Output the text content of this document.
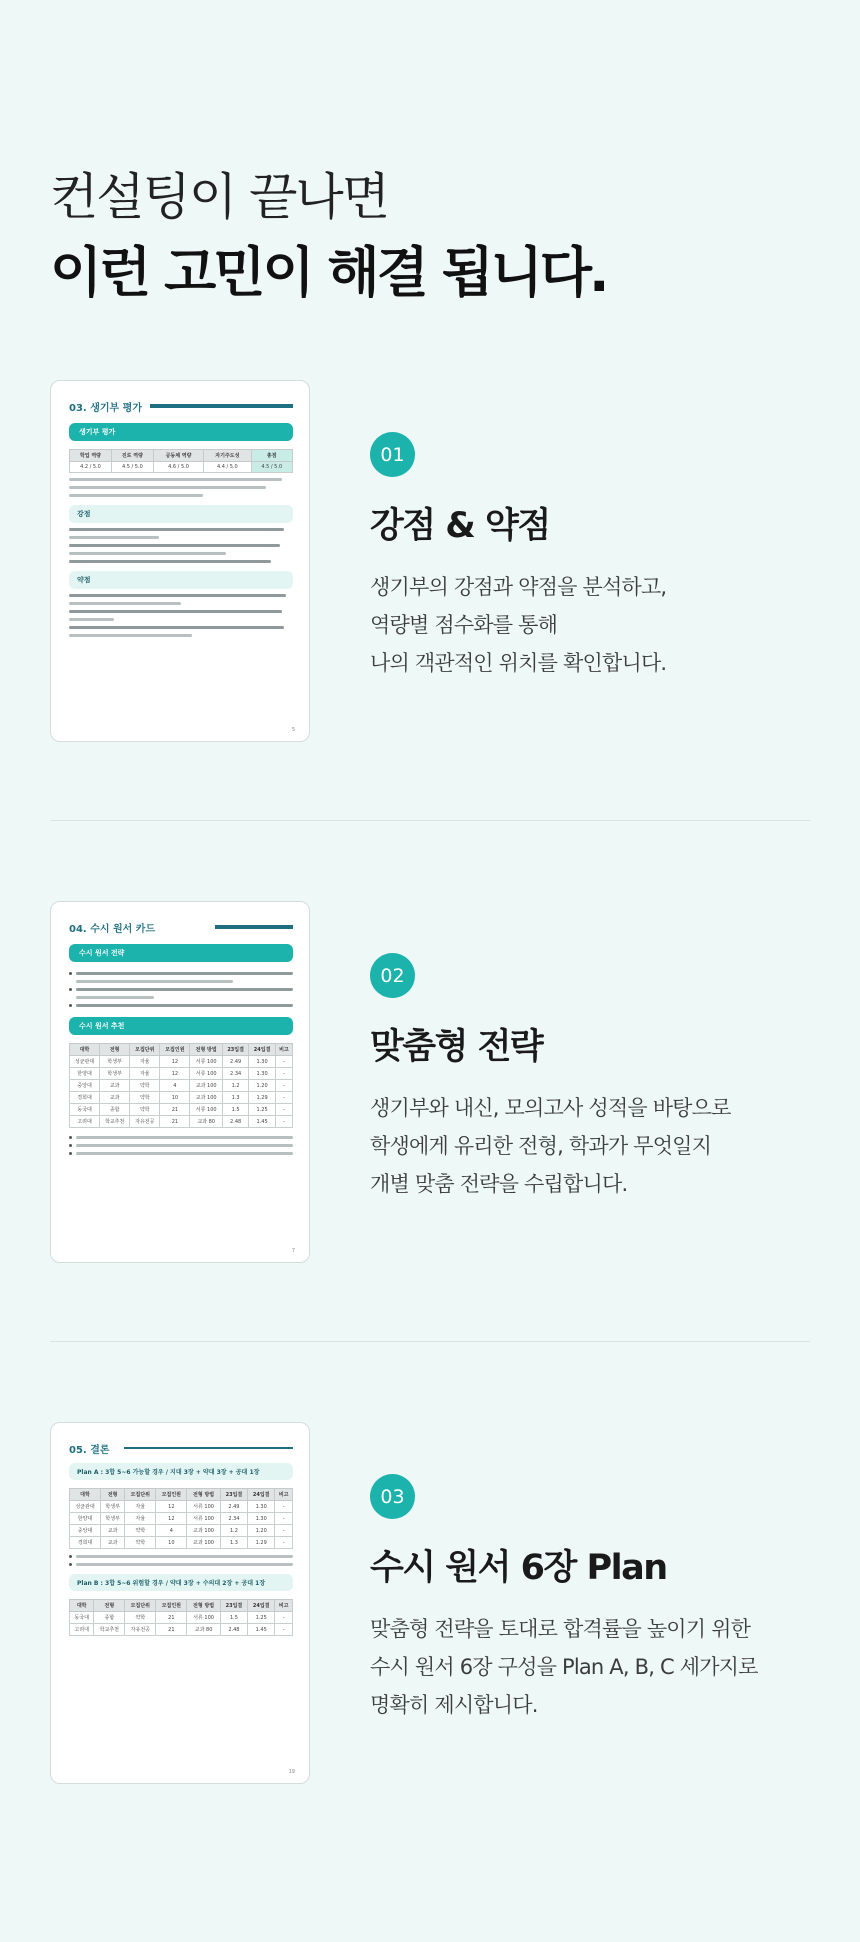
컨설팅이 끝나면
이런 고민이 해결 됩니다.
03. 생기부 평가
생기부 평가
학업 역량	진로 역량	공동체 역량	자기주도성	총점
4.2 / 5.0	4.5 / 5.0	4.6 / 5.0	4.4 / 5.0	4.5 / 5.0
강점
약점
5
01
강점 & 약점
생기부의 강점과 약점을 분석하고,
역량별 점수화를 통해
나의 객관적인 위치를 확인합니다.
04. 수시 원서 카드
수시 원서 전략
수시 원서 추천
대학	전형	모집단위	모집인원	전형 방법	23입결	24입결	비고
성균관대	학생부	자율	12	서류 100	2.49	1.30	-
한양대	학생부	자율	12	서류 100	2.34	1.30	-
중앙대	교과	약학	4	교과 100	1.2	1.20	-
경희대	교과	약학	10	교과 100	1.3	1.29	-
동국대	종합	약학	21	서류 100	1.5	1.25	-
고려대	학교추천	자유전공	21	교과 80	2.48	1.45	-
7
02
맞춤형 전략
생기부와 내신, 모의고사 성적을 바탕으로
학생에게 유리한 전형, 학과가 무엇일지
개별 맞춤 전략을 수립합니다.
05. 결론
Plan A : 3합 5~6 가능할 경우 / 지대 3장 + 약대 3장 + 공대 1장
대학	전형	모집단위	모집인원	전형 방법	23입결	24입결	비고
성균관대	학생부	자율	12	서류 100	2.49	1.30	-
한양대	학생부	자율	12	서류 100	2.34	1.30	-
중앙대	교과	약학	4	교과 100	1.2	1.20	-
경희대	교과	약학	10	교과 100	1.3	1.29	-
Plan B : 3합 5~6 위험할 경우 / 약대 3장 + 수의대 2장 + 공대 1장
대학	전형	모집단위	모집인원	전형 방법	23입결	24입결	비고
동국대	종합	약학	21	서류 100	1.5	1.25	-
고려대	학교추천	자유전공	21	교과 80	2.48	1.45	-
19
03
수시 원서 6장 Plan
맞춤형 전략을 토대로 합격률을 높이기 위한
수시 원서 6장 구성을 Plan A, B, C 세가지로
명확히 제시합니다.
